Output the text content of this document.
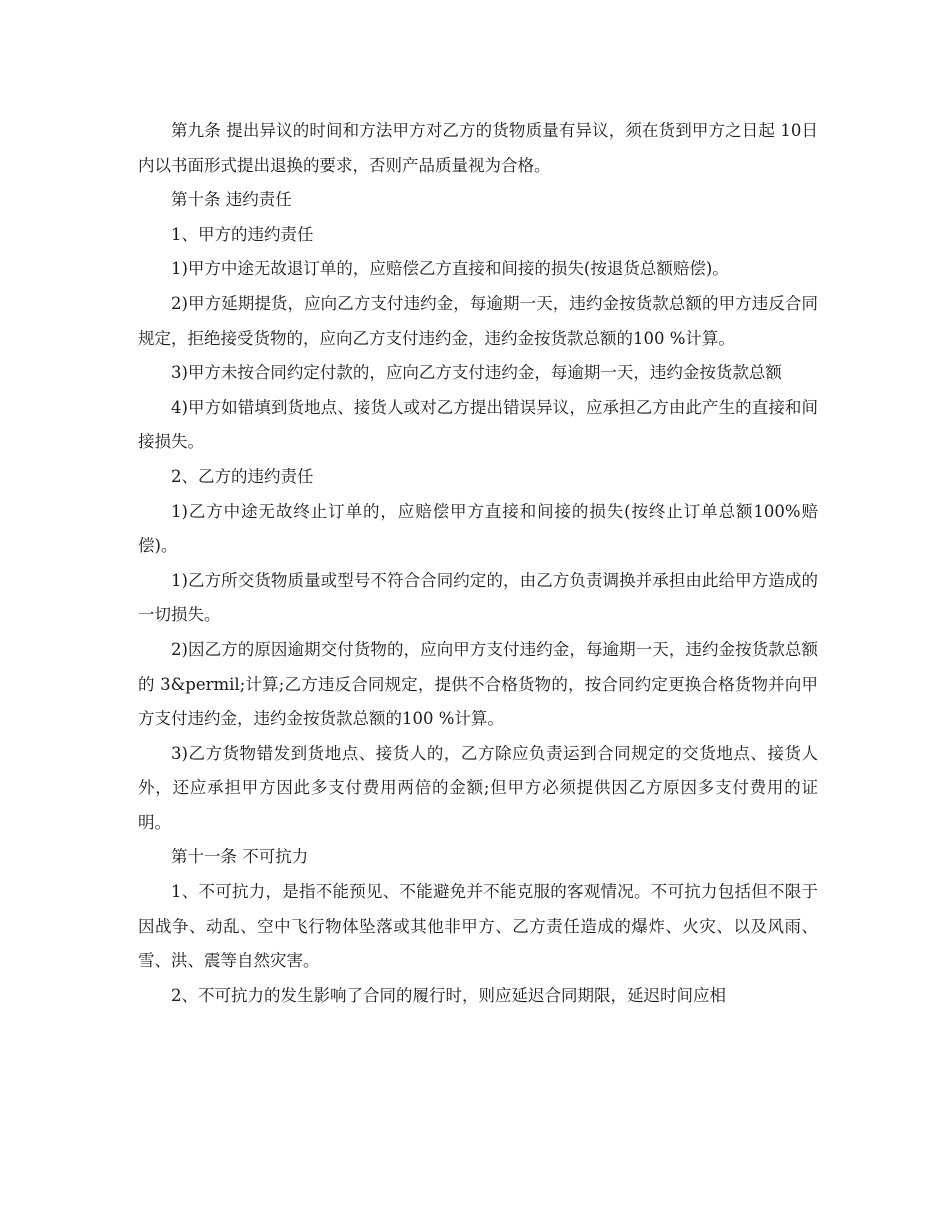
第九条 提出异议的时间和方法甲方对乙方的货物质量有异议，须在货到甲方之日起 10日内以书面形式提出退换的要求，否则产品质量视为合格。

第十条 违约责任

1、甲方的违约责任

1)甲方中途无故退订单的，应赔偿乙方直接和间接的损失(按退货总额赔偿)。

2)甲方延期提货，应向乙方支付违约金，每逾期一天，违约金按货款总额的甲方违反合同规定，拒绝接受货物的，应向乙方支付违约金，违约金按货款总额的100 %计算。

3)甲方未按合同约定付款的，应向乙方支付违约金，每逾期一天，违约金按货款总额

4)甲方如错填到货地点、接货人或对乙方提出错误异议，应承担乙方由此产生的直接和间接损失。

2、乙方的违约责任

1)乙方中途无故终止订单的，应赔偿甲方直接和间接的损失(按终止订单总额100%赔偿)。

1)乙方所交货物质量或型号不符合合同约定的，由乙方负责调换并承担由此给甲方造成的一切损失。

2)因乙方的原因逾期交付货物的，应向甲方支付违约金，每逾期一天，违约金按货款总额的 3&permil;计算;乙方违反合同规定，提供不合格货物的，按合同约定更换合格货物并向甲方支付违约金，违约金按货款总额的100 %计算。

3)乙方货物错发到货地点、接货人的，乙方除应负责运到合同规定的交货地点、接货人外，还应承担甲方因此多支付费用两倍的金额;但甲方必须提供因乙方原因多支付费用的证明。

第十一条 不可抗力

1、不可抗力，是指不能预见、不能避免并不能克服的客观情况。不可抗力包括但不限于因战争、动乱、空中飞行物体坠落或其他非甲方、乙方责任造成的爆炸、火灾、以及风雨、雪、洪、震等自然灾害。

2、不可抗力的发生影响了合同的履行时，则应延迟合同期限，延迟时间应相
